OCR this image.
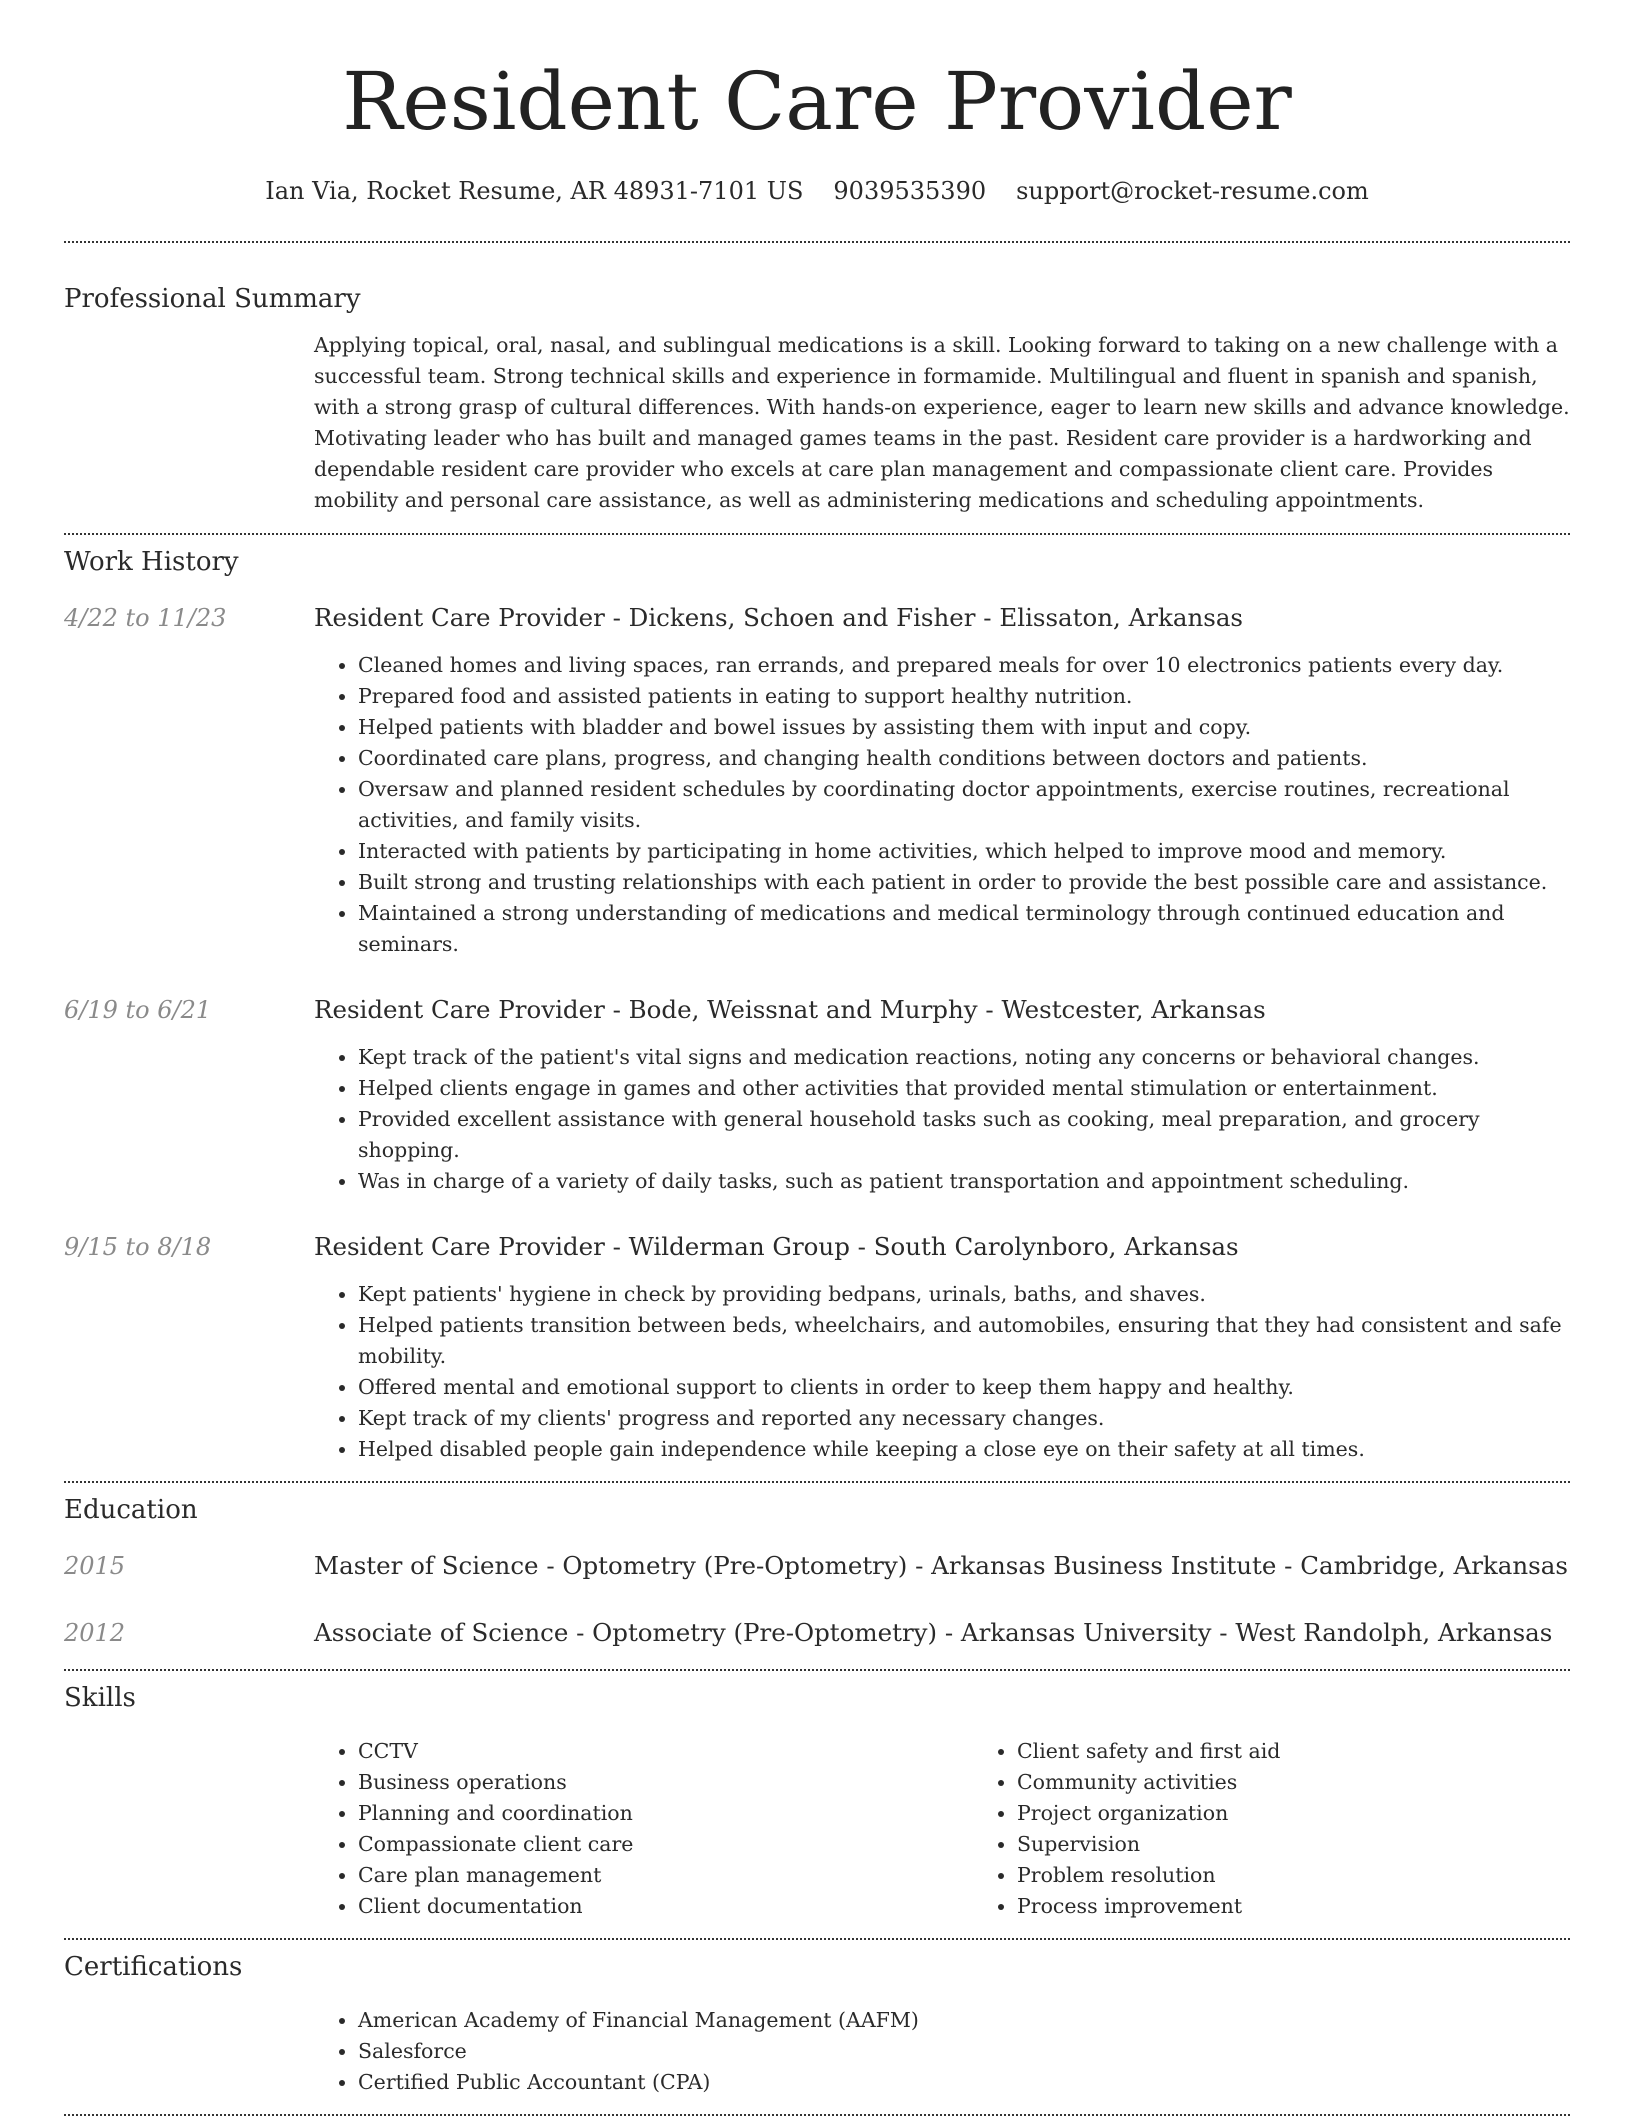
Resident Care Provider
Ian Via, Rocket Resume, AR 48931-7101 US 9039535390 support@rocket-resume.com
Professional Summary

Applying topical, oral, nasal, and sublingual medications is a skill. Looking forward to taking on a new challenge with a successful team. Strong technical skills and experience in formamide. Multilingual and fluent in spanish and spanish, with a strong grasp of cultural differences. With hands-on experience, eager to learn new skills and advance knowledge. Motivating leader who has built and managed games teams in the past. Resident care provider is a hardworking and dependable resident care provider who excels at care plan management and compassionate client care. Provides mobility and personal care assistance, as well as administering medications and scheduling appointments.

Work History
4/22 to 11/23	Resident Care Provider - Dickens, Schoen and Fisher - Elissaton, Arkansas
• Cleaned homes and living spaces, ran errands, and prepared meals for over 10 electronics patients every day.
• Prepared food and assisted patients in eating to support healthy nutrition.
• Helped patients with bladder and bowel issues by assisting them with input and copy.
• Coordinated care plans, progress, and changing health conditions between doctors and patients.
• Oversaw and planned resident schedules by coordinating doctor appointments, exercise routines, recreational activities, and family visits.
• Interacted with patients by participating in home activities, which helped to improve mood and memory.
• Built strong and trusting relationships with each patient in order to provide the best possible care and assistance.
• Maintained a strong understanding of medications and medical terminology through continued education and seminars.
6/19 to 6/21	Resident Care Provider - Bode, Weissnat and Murphy - Westcester, Arkansas
• Kept track of the patient's vital signs and medication reactions, noting any concerns or behavioral changes.
• Helped clients engage in games and other activities that provided mental stimulation or entertainment.
• Provided excellent assistance with general household tasks such as cooking, meal preparation, and grocery shopping.
• Was in charge of a variety of daily tasks, such as patient transportation and appointment scheduling.
9/15 to 8/18	Resident Care Provider - Wilderman Group - South Carolynboro, Arkansas
• Kept patients' hygiene in check by providing bedpans, urinals, baths, and shaves.
• Helped patients transition between beds, wheelchairs, and automobiles, ensuring that they had consistent and safe mobility.
• Offered mental and emotional support to clients in order to keep them happy and healthy.
• Kept track of my clients' progress and reported any necessary changes.
• Helped disabled people gain independence while keeping a close eye on their safety at all times.
Education
2015	Master of Science - Optometry (Pre-Optometry) - Arkansas Business Institute - Cambridge, Arkansas
2012	Associate of Science - Optometry (Pre-Optometry) - Arkansas University - West Randolph, Arkansas
Skills
• CCTV
• Business operations
• Planning and coordination
• Compassionate client care
• Care plan management
• Client documentation
• Client safety and first aid
• Community activities
• Project organization
• Supervision
• Problem resolution
• Process improvement
Certifications
• American Academy of Financial Management (AAFM)
• Salesforce
• Certified Public Accountant (CPA)
